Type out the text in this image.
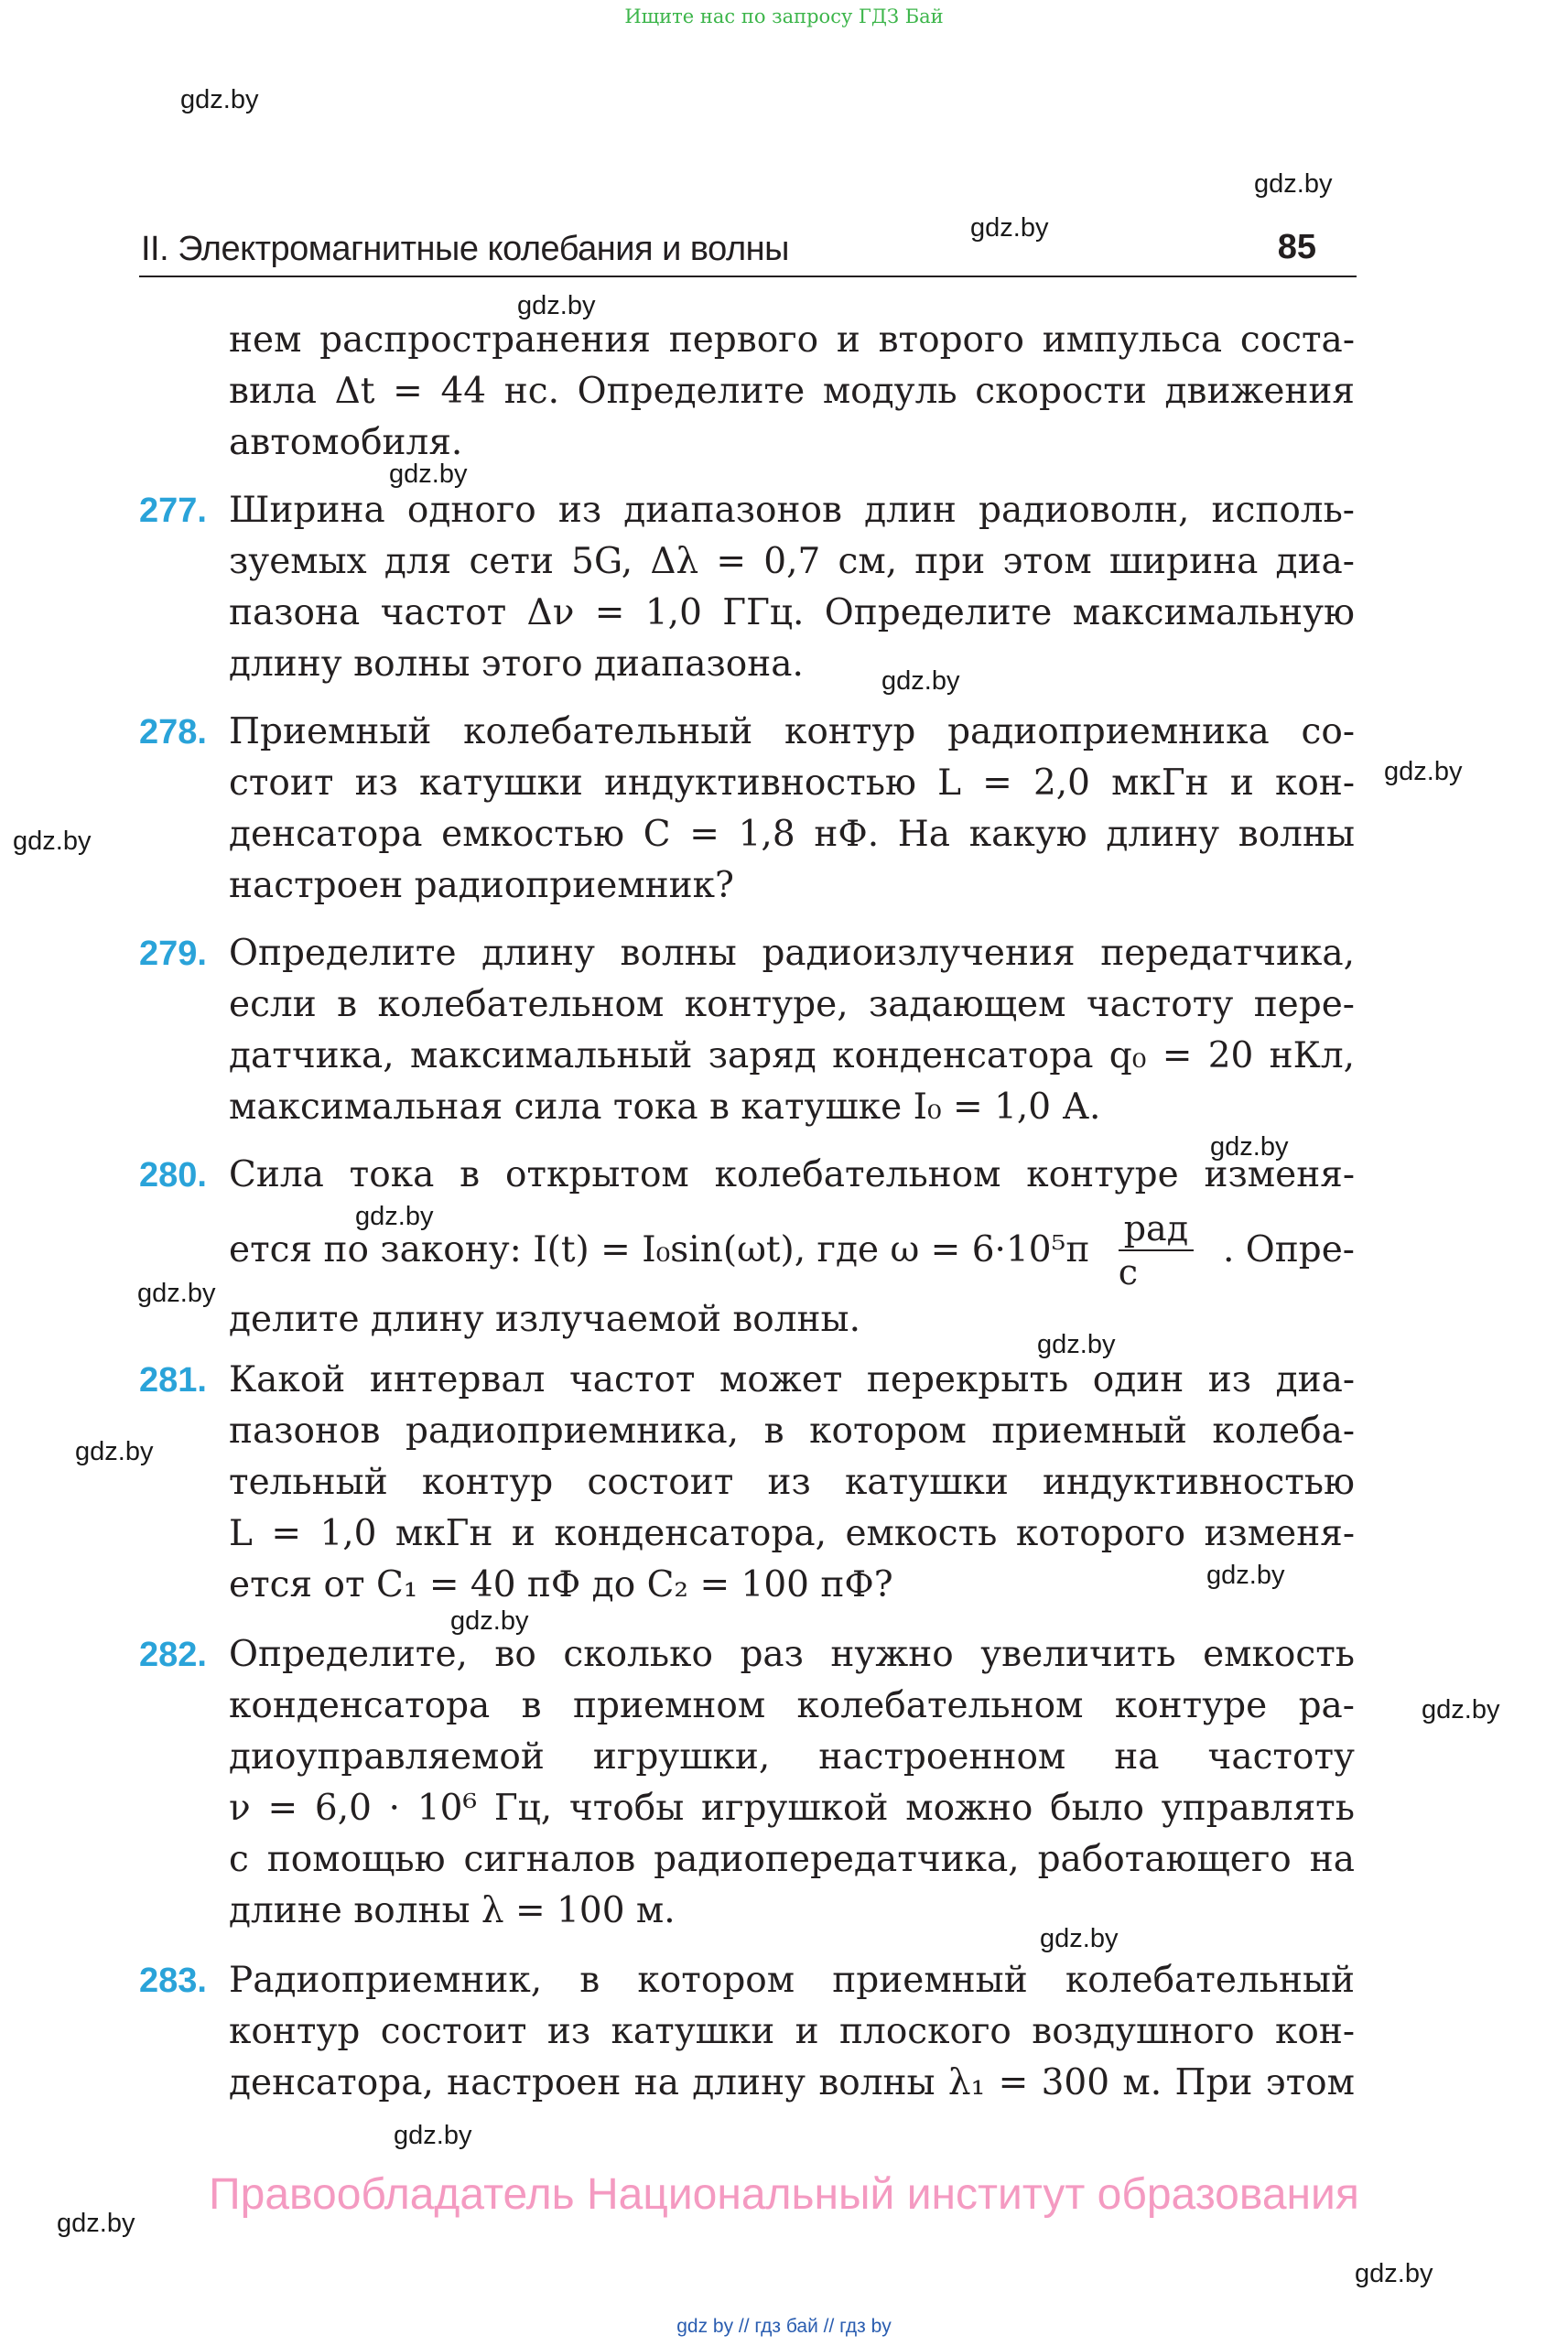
Ищите нас по запросу ГДЗ Бай
gdz.by
gdz.by
gdz.by
gdz.by
gdz.by
gdz.by
gdz.by
gdz.by
gdz.by
gdz.by
gdz.by
gdz.by
gdz.by
gdz.by
gdz.by
gdz.by
gdz.by
gdz.by
gdz.by
gdz.by
II. Электромагнитные колебания и волны	85
нем распространения первого и второго импульса соста-
вила Δt = 44 нс. Определите модуль скорости движения
автомобиля.
277. Ширина одного из диапазонов длин радиоволн, исполь-
зуемых для сети 5G, Δλ = 0,7 см, при этом ширина диа-
пазона частот Δν = 1,0 ГГц. Определите максимальную
длину волны этого диапазона.
278. Приемный колебательный контур радиоприемника со-
стоит из катушки индуктивностью L = 2,0 мкГн и кон-
денсатора емкостью C = 1,8 нФ. На какую длину волны
настроен радиоприемник?
279. Определите длину волны радиоизлучения передатчика,
если в колебательном контуре, задающем частоту пере-
датчика, максимальный заряд конденсатора q₀ = 20 нКл,
максимальная сила тока в катушке I₀ = 1,0 А.
280. Сила тока в открытом колебательном контуре изменя-
ется по закону: I(t) = I₀sin(ωt), где $\omega = 6\cdot 10^5\pi \frac{\text{рад}}{с}$ . Опре-
делите длину излучаемой волны.
281. Какой интервал частот может перекрыть один из диа-
пазонов радиоприемника, в котором приемный колеба-
тельный контур состоит из катушки индуктивностью
L = 1,0 мкГн и конденсатора, емкость которого изменя-
ется от C₁ = 40 пФ до C₂ = 100 пФ?
282. Определите, во сколько раз нужно увеличить емкость
конденсатора в приемном колебательном контуре ра-
диоуправляемой игрушки, настроенном на частоту
ν = 6,0 · 10⁶ Гц, чтобы игрушкой можно было управлять
с помощью сигналов радиопередатчика, работающего на
длине волны λ = 100 м.
283. Радиоприемник, в котором приемный колебательный
контур состоит из катушки и плоского воздушного кон-
денсатора, настроен на длину волны λ₁ = 300 м. При этом
Правообладатель Национальный институт образования
gdz by // гдз бай // гдз by
